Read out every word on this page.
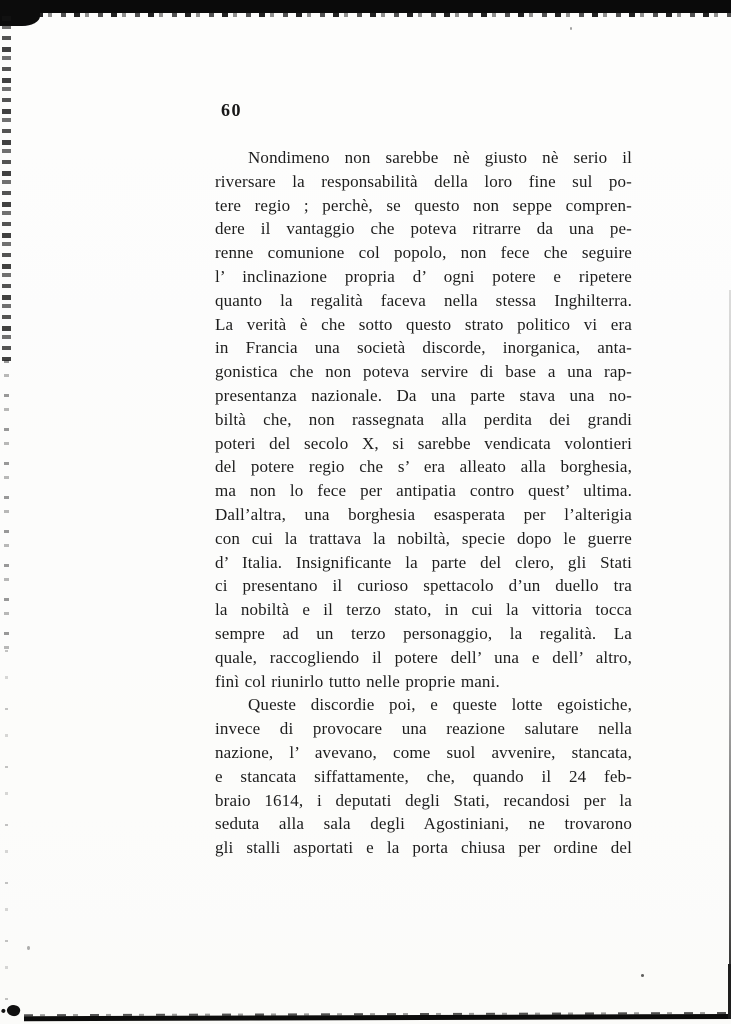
60
Nondimeno non sarebbe nè giusto nè serio il
riversare la responsabilità della loro fine sul po-
tere regio ; perchè, se questo non seppe compren-
dere il vantaggio che poteva ritrarre da una pe-
renne comunione col popolo, non fece che seguire
l’ inclinazione propria d’ ogni potere e ripetere
quanto la regalità faceva nella stessa Inghilterra.
La verità è che sotto questo strato politico vi era
in Francia una società discorde, inorganica, anta-
gonistica che non poteva servire di base a una rap-
presentanza nazionale. Da una parte stava una no-
biltà che, non rassegnata alla perdita dei grandi
poteri del secolo X, si sarebbe vendicata volontieri
del potere regio che s’ era alleato alla borghesia,
ma non lo fece per antipatia contro quest’ ultima.
Dall’altra, una borghesia esasperata per l’alterigia
con cui la trattava la nobiltà, specie dopo le guerre
d’ Italia. Insignificante la parte del clero, gli Stati
ci presentano il curioso spettacolo d’un duello tra
la nobiltà e il terzo stato, in cui la vittoria tocca
sempre ad un terzo personaggio, la regalità. La
quale, raccogliendo il potere dell’ una e dell’ altro,
finì col riunirlo tutto nelle proprie mani.
Queste discordie poi, e queste lotte egoistiche,
invece di provocare una reazione salutare nella
nazione, l’ avevano, come suol avvenire, stancata,
e stancata siffattamente, che, quando il 24 feb-
braio 1614, i deputati degli Stati, recandosi per la
seduta alla sala degli Agostiniani, ne trovarono
gli stalli asportati e la porta chiusa per ordine del
